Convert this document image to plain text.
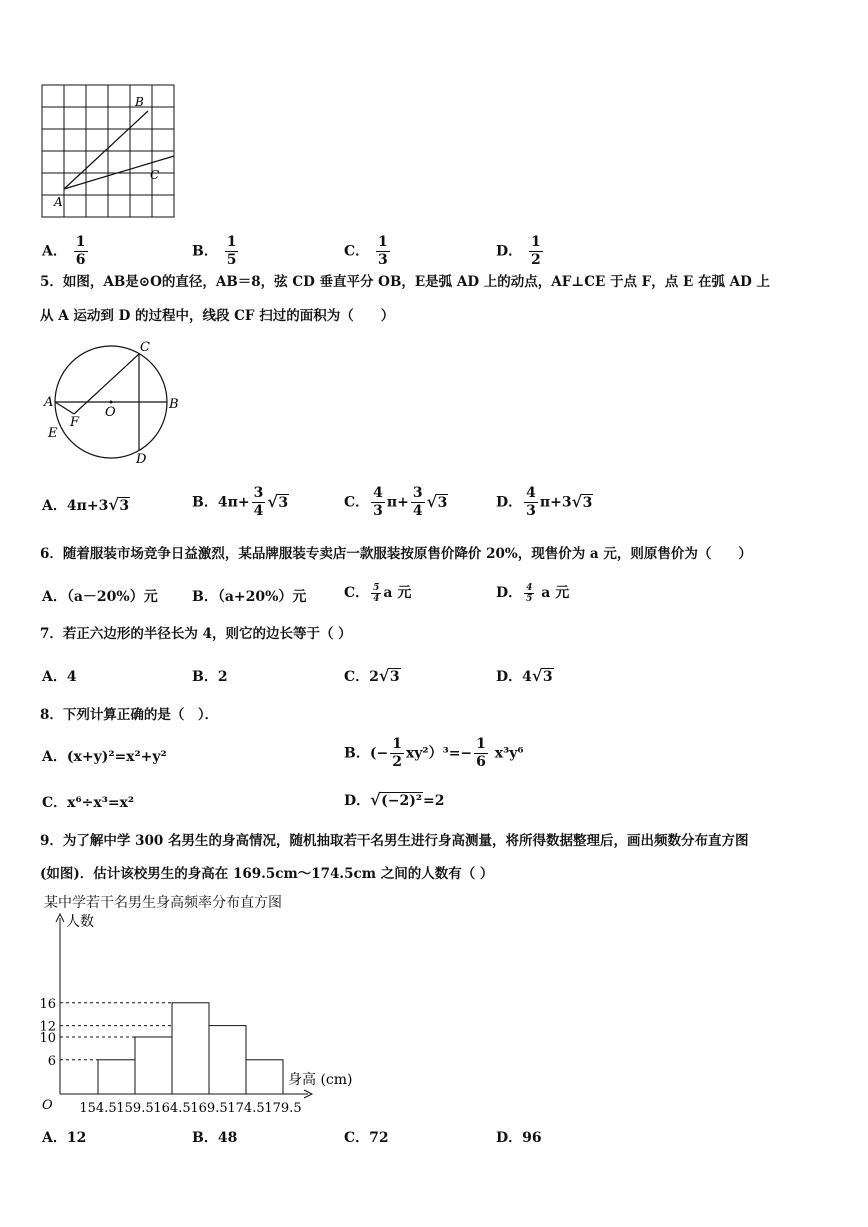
A
B
C
A． $\frac{1}{6}$	B． $\frac{1}{5}$	C． $\frac{1}{3}$	D． $\frac{1}{2}$
5．如图，AB是⊙O的直径，AB＝8，弦 CD 垂直平分 OB，E是弧 AD 上的动点，AF⊥CE 于点 F，点 E 在弧 AD 上
从 A 运动到 D 的过程中，线段 CF 扫过的面积为（　　）
C
A	B
O
F
E
D
A．4π+3 √ 3	B．$4\pi+ \frac{3}{4}$ √ 3	C． $\frac{4}{3} \pi+ \frac{3}{4}$ √ 3	D． $\frac{4}{3} \pi+3$ √ 3
6．随着服装市场竞争日益激烈，某品牌服装专卖店一款服装按原售价降价 20%，现售价为 a 元，则原售价为（　　）
A．（a－20%）元 B．（a+20%）元	C． $\frac{5}{4}$ a 元	D． $\frac{4}{5}$ a 元
7．若正六边形的半径长为 4，则它的边长等于（ ）
A．4	B．2	C．2 √ 3	D．4 √ 3
8．下列计算正确的是（　）．
A．(x+y)²=x²+y²	B．(− $\frac{1}{2} xy^2)^3=- \frac{1}{6} x^3y^6$
C．x⁶÷x³=x²	D． √ (−2)²=2
9．为了解中学 300 名男生的身高情况，随机抽取若干名男生进行身高测量，将所得数据整理后，画出频数分布直方图
(如图)．估计该校男生的身高在 169.5cm～174.5cm 之间的人数有（ ）
某中学若干名男生身高频率分布直方图
6
10
12
16
154.5 159.5 164.5 169.5 174.5 179.5
人数
身高 (cm)
O
A．12	B．48	C．72	D．96
